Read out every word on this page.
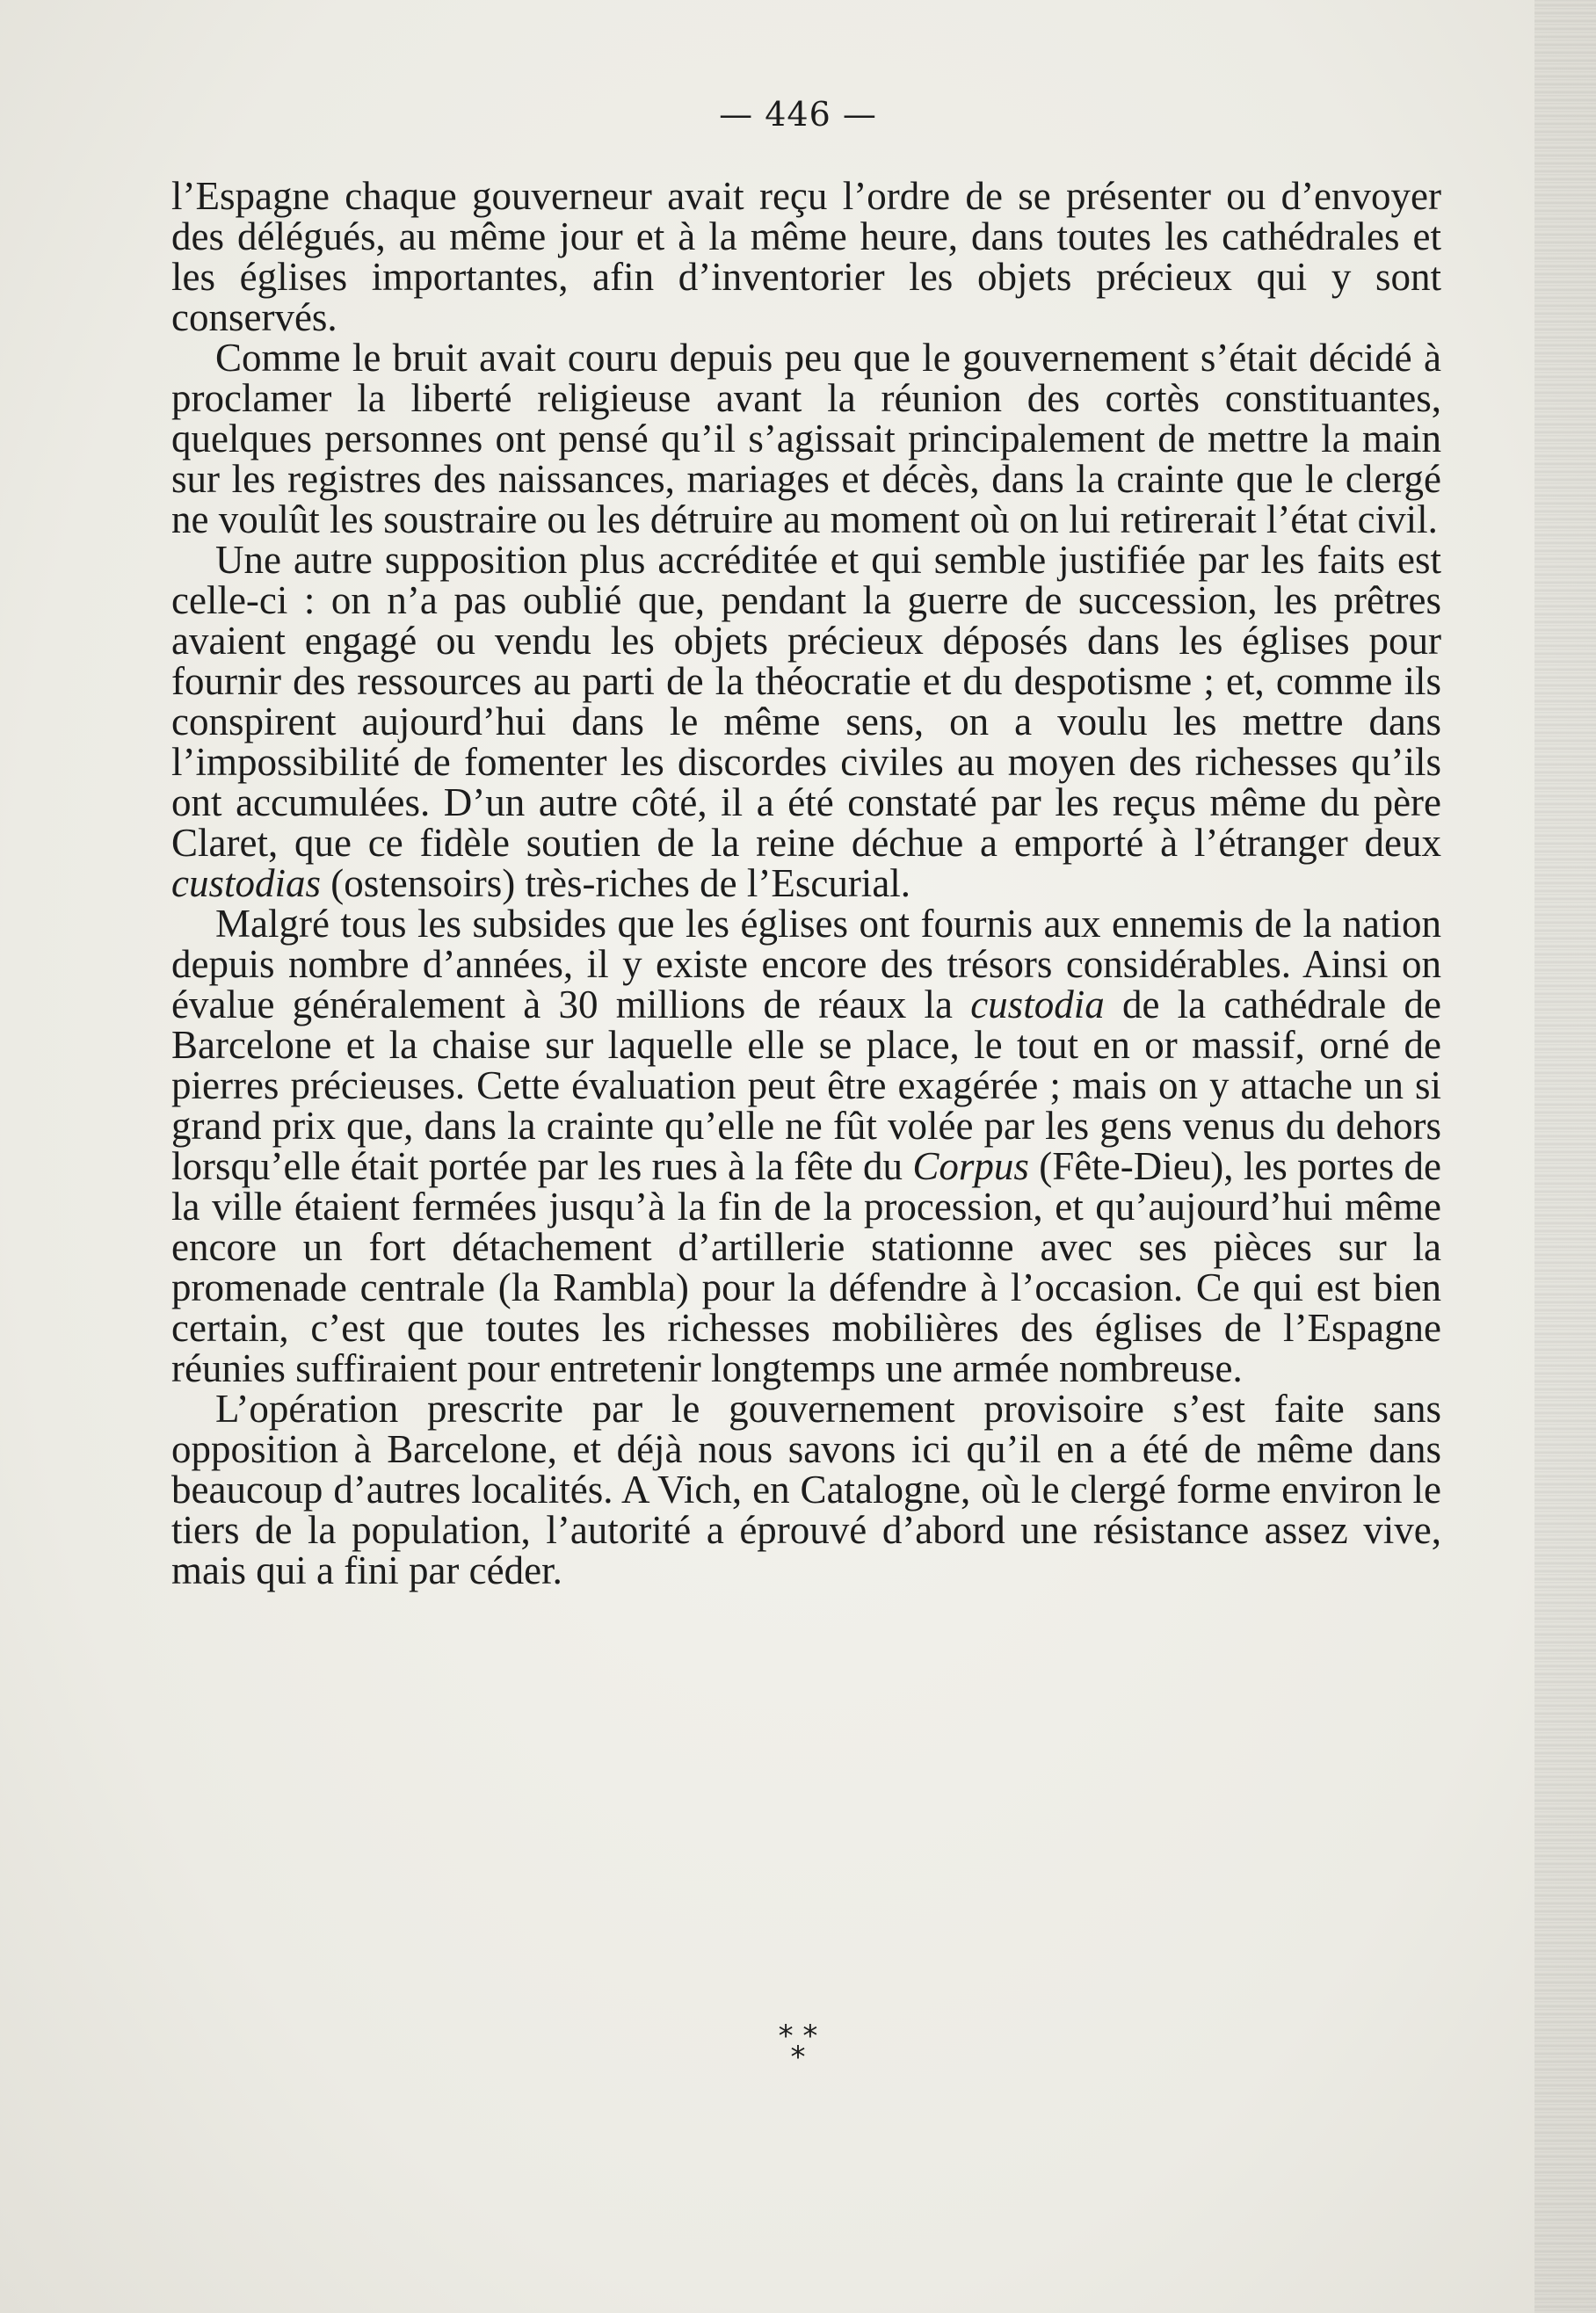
— 446 —

l’Espagne chaque gouverneur avait reçu l’ordre de se présenter ou d’envoyer des délégués, au même jour et à la même heure, dans toutes les cathédrales et les églises importantes, afin d’inventorier les objets précieux qui y sont conservés.

Comme le bruit avait couru depuis peu que le gouvernement s’était décidé à proclamer la liberté religieuse avant la réunion des cortès constituantes, quelques personnes ont pensé qu’il s’agissait principalement de mettre la main sur les registres des naissances, mariages et décès, dans la crainte que le clergé ne voulût les soustraire ou les détruire au moment où on lui retirerait l’état civil.

Une autre supposition plus accréditée et qui semble justifiée par les faits est celle-ci : on n’a pas oublié que, pendant la guerre de succession, les prêtres avaient engagé ou vendu les objets précieux déposés dans les églises pour fournir des ressources au parti de la théocratie et du despotisme ; et, comme ils conspirent aujourd’hui dans le même sens, on a voulu les mettre dans l’impossibilité de fomenter les discordes civiles au moyen des richesses qu’ils ont accumulées. D’un autre côté, il a été constaté par les reçus même du père Claret, que ce fidèle soutien de la reine déchue a emporté à l’étranger deux custodias (ostensoirs) très-riches de l’Escurial.

Malgré tous les subsides que les églises ont fournis aux ennemis de la nation depuis nombre d’années, il y existe encore des trésors considérables. Ainsi on évalue généralement à 30 millions de réaux la custodia de la cathédrale de Barcelone et la chaise sur laquelle elle se place, le tout en or massif, orné de pierres précieuses. Cette évaluation peut être exagérée ; mais on y attache un si grand prix que, dans la crainte qu’elle ne fût volée par les gens venus du dehors lorsqu’elle était portée par les rues à la fête du Corpus (Fête-Dieu), les portes de la ville étaient fermées jusqu’à la fin de la procession, et qu’aujourd’hui même encore un fort détachement d’artillerie stationne avec ses pièces sur la promenade centrale (la Rambla) pour la défendre à l’occasion. Ce qui est bien certain, c’est que toutes les richesses mobilières des églises de l’Espagne réunies suffiraient pour entretenir longtemps une armée nombreuse.

L’opération prescrite par le gouvernement provisoire s’est faite sans opposition à Barcelone, et déjà nous savons ici qu’il en a été de même dans beaucoup d’autres localités. A Vich, en Catalogne, où le clergé forme environ le tiers de la population, l’autorité a éprouvé d’abord une résistance assez vive, mais qui a fini par céder.

* *
*
